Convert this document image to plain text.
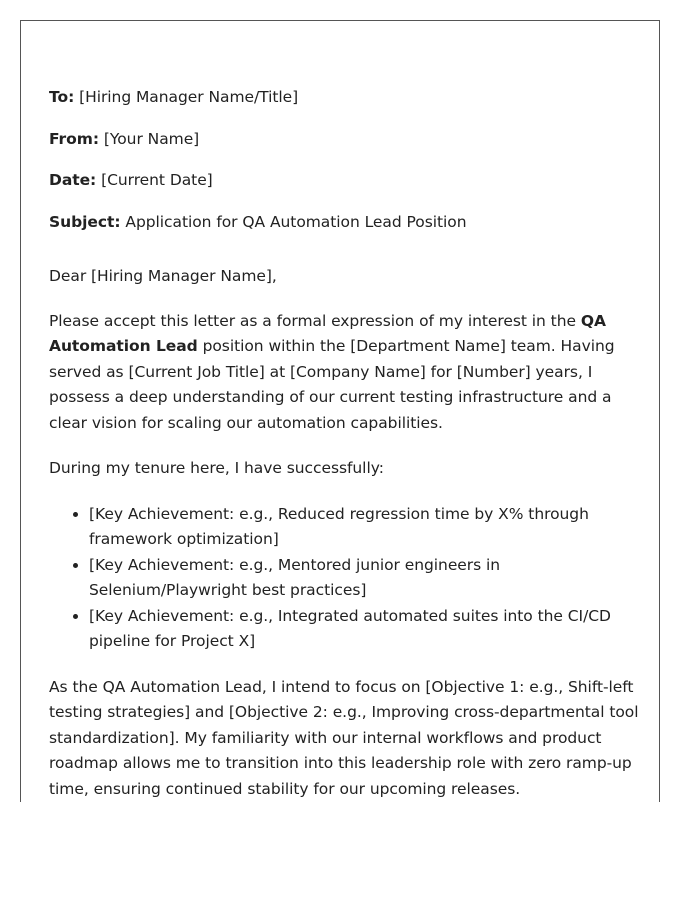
To: [Hiring Manager Name/Title]

From: [Your Name]

Date: [Current Date]

Subject: Application for QA Automation Lead Position

Dear [Hiring Manager Name],

Please accept this letter as a formal expression of my interest in the QA Automation Lead position within the [Department Name] team. Having served as [Current Job Title] at [Company Name] for [Number] years, I possess a deep understanding of our current testing infrastructure and a clear vision for scaling our automation capabilities.

During my tenure here, I have successfully:

• [Key Achievement: e.g., Reduced regression time by X% through framework optimization]
• [Key Achievement: e.g., Mentored junior engineers in Selenium/Playwright best practices]
• [Key Achievement: e.g., Integrated automated suites into the CI/CD pipeline for Project X]

As the QA Automation Lead, I intend to focus on [Objective 1: e.g., Shift-left testing strategies] and [Objective 2: e.g., Improving cross-departmental tool standardization]. My familiarity with our internal workflows and product roadmap allows me to transition into this leadership role with zero ramp-up time, ensuring continued stability for our upcoming releases.
